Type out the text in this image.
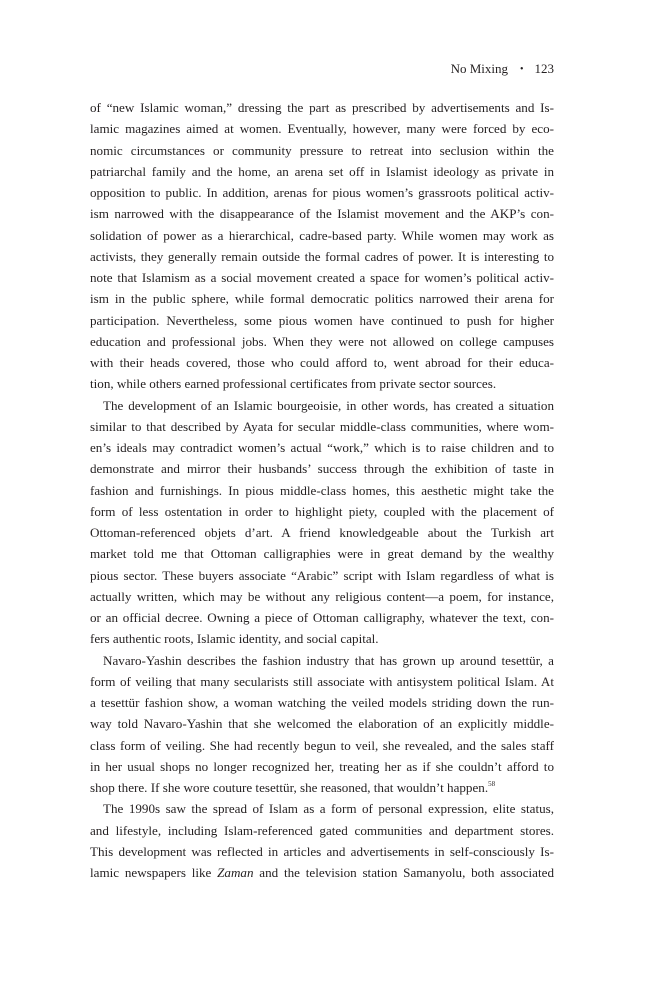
No Mixing • 123

of “new Islamic woman,” dressing the part as prescribed by advertisements and Is-
lamic magazines aimed at women. Eventually, however, many were forced by eco-
nomic circumstances or community pressure to retreat into seclusion within the
patriarchal family and the home, an arena set off in Islamist ideology as private in
opposition to public. In addition, arenas for pious women’s grassroots political activ-
ism narrowed with the disappearance of the Islamist movement and the AKP’s con-
solidation of power as a hierarchical, cadre-based party. While women may work as
activists, they generally remain outside the formal cadres of power. It is interesting to
note that Islamism as a social movement created a space for women’s political activ-
ism in the public sphere, while formal democratic politics narrowed their arena for
participation. Nevertheless, some pious women have continued to push for higher
education and professional jobs. When they were not allowed on college campuses
with their heads covered, those who could afford to, went abroad for their educa-
tion, while others earned professional certificates from private sector sources.

The development of an Islamic bourgeoisie, in other words, has created a situation
similar to that described by Ayata for secular middle-class communities, where wom-
en’s ideals may contradict women’s actual “work,” which is to raise children and to
demonstrate and mirror their husbands’ success through the exhibition of taste in
fashion and furnishings. In pious middle-class homes, this aesthetic might take the
form of less ostentation in order to highlight piety, coupled with the placement of
Ottoman-referenced objets d’art. A friend knowledgeable about the Turkish art
market told me that Ottoman calligraphies were in great demand by the wealthy
pious sector. These buyers associate “Arabic” script with Islam regardless of what is
actually written, which may be without any religious content—a poem, for instance,
or an official decree. Owning a piece of Ottoman calligraphy, whatever the text, con-
fers authentic roots, Islamic identity, and social capital.

Navaro-Yashin describes the fashion industry that has grown up around tesettür, a
form of veiling that many secularists still associate with antisystem political Islam. At
a tesettür fashion show, a woman watching the veiled models striding down the run-
way told Navaro-Yashin that she welcomed the elaboration of an explicitly middle-
class form of veiling. She had recently begun to veil, she revealed, and the sales staff
in her usual shops no longer recognized her, treating her as if she couldn’t afford to
shop there. If she wore couture tesettür, she reasoned, that wouldn’t happen.$^{58}$

The 1990s saw the spread of Islam as a form of personal expression, elite status,
and lifestyle, including Islam-referenced gated communities and department stores.
This development was reflected in articles and advertisements in self-consciously Is-
lamic newspapers like Zaman and the television station Samanyolu, both associated
